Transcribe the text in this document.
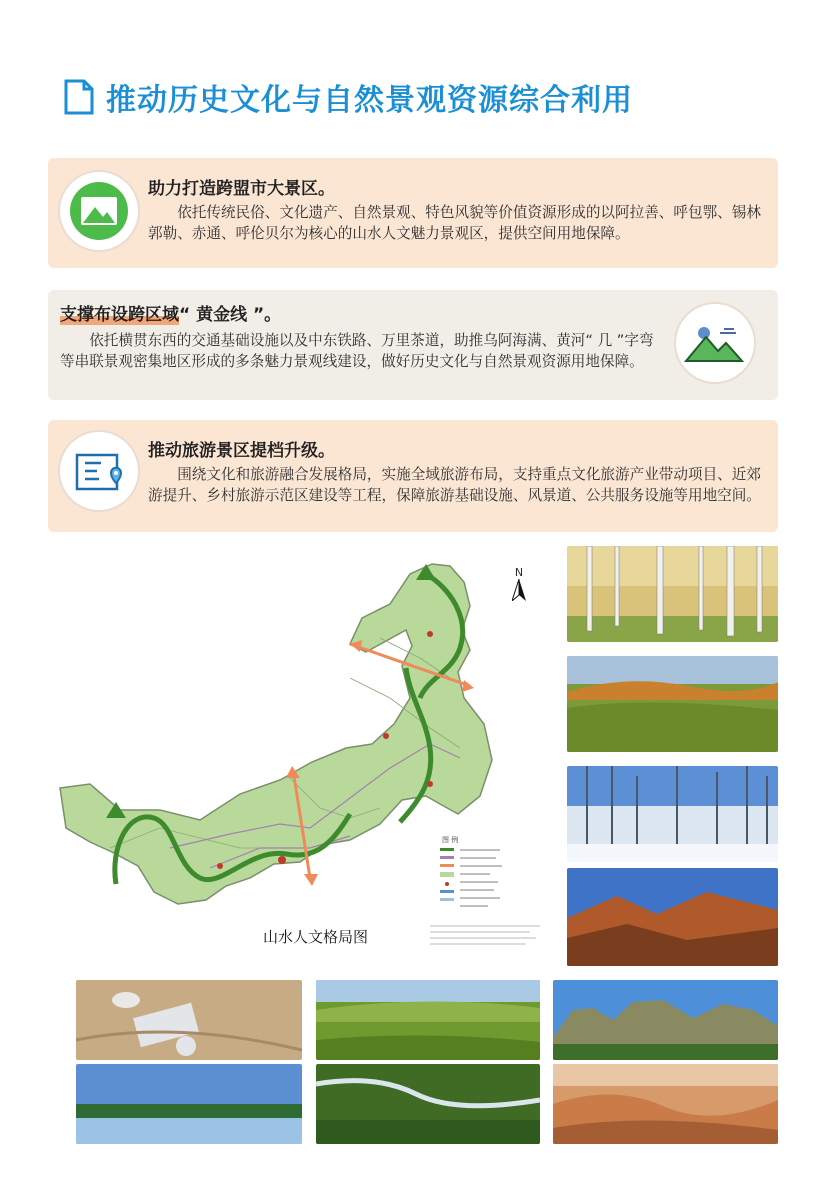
推动历史文化与自然景观资源综合利用
助力打造跨盟市大景区。
依托传统民俗、文化遗产、自然景观、特色风貌等价值资源形成的以阿拉善、呼包鄂、锡林郭勒、赤通、呼伦贝尔为核心的山水人文魅力景观区，提供空间用地保障。
支撑布设跨区域“ 黄金线 ”。
依托横贯东西的交通基础设施以及中东铁路、万里茶道，助推乌阿海满、黄河“ 几 ”字弯等串联景观密集地区形成的多条魅力景观线建设，做好历史文化与自然景观资源用地保障。
推动旅游景区提档升级。
围绕文化和旅游融合发展格局，实施全域旅游布局，支持重点文化旅游产业带动项目、近郊游提升、乡村旅游示范区建设等工程，保障旅游基础设施、风景道、公共服务设施等用地空间。
图 例
N
山水人文格局图
